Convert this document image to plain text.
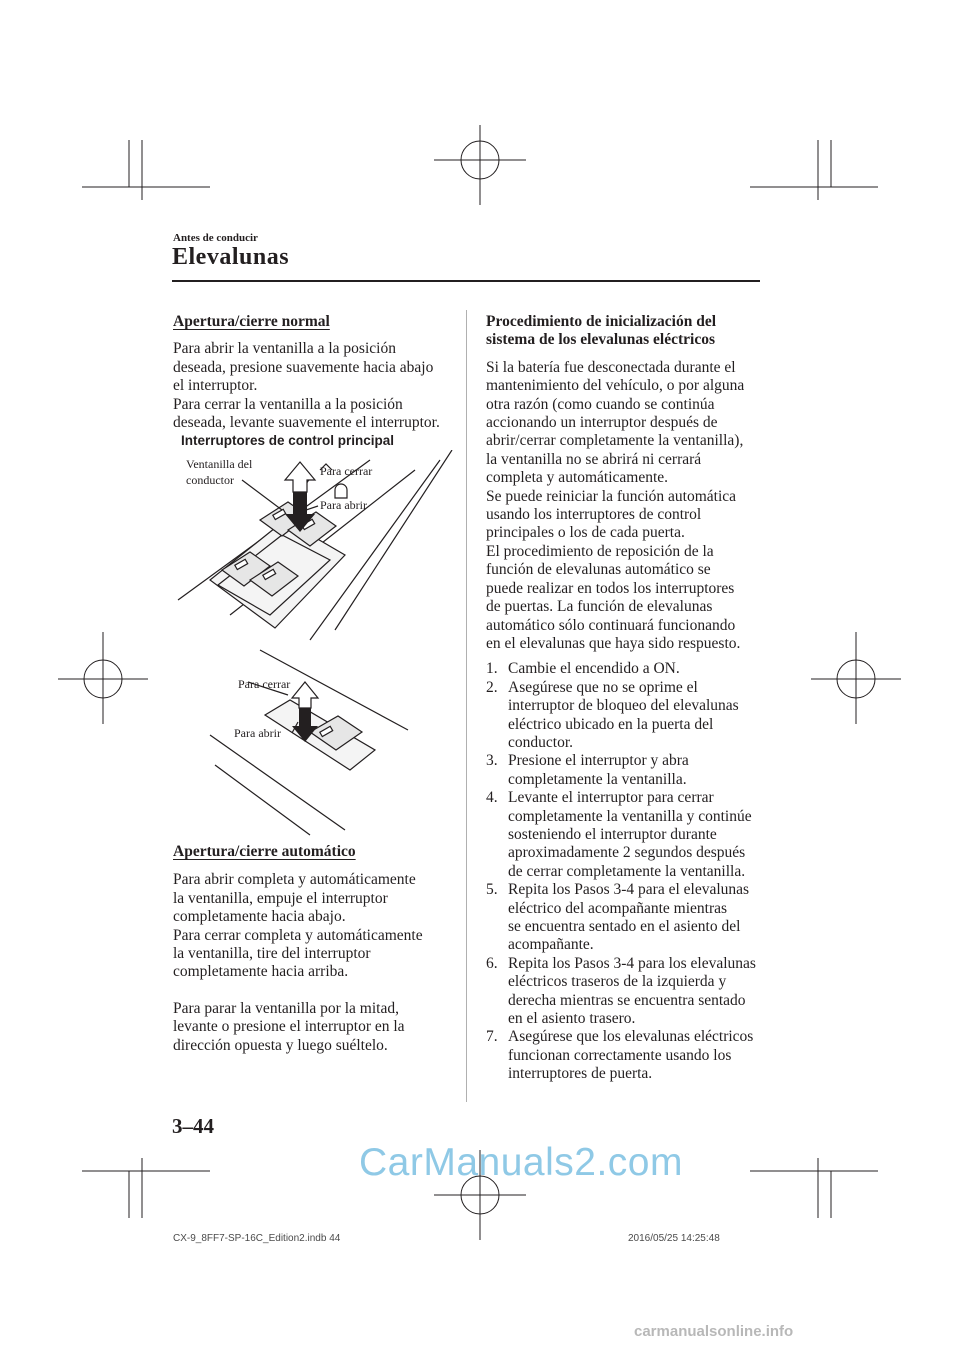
Antes de conducir
Elevalunas

Apertura/cierre normal

Para abrir la ventanilla a la posición

deseada, presione suavemente hacia abajo

el interruptor.

Para cerrar la ventanilla a la posición

deseada, levante suavemente el interruptor.

Interruptores de control principal
Ventanilla del
conductor
Para cerrar
Para abrir
Para cerrar
Para abrir

Apertura/cierre automático

Para abrir completa y automáticamente

la ventanilla, empuje el interruptor

completamente hacia abajo.

Para cerrar completa y automáticamente

la ventanilla, tire del interruptor

completamente hacia arriba.

Para parar la ventanilla por la mitad,

levante o presione el interruptor en la

dirección opuesta y luego suéltelo.

Procedimiento de inicialización del

sistema de los elevalunas eléctricos

Si la batería fue desconectada durante el

mantenimiento del vehículo, o por alguna

otra razón (como cuando se continúa

accionando un interruptor después de

abrir/cerrar completamente la ventanilla),

la ventanilla no se abrirá ni cerrará

completa y automáticamente.

Se puede reiniciar la función automática

usando los interruptores de control

principales o los de cada puerta.

El procedimiento de reposición de la

función de elevalunas automático se

puede realizar en todos los interruptores

de puertas. La función de elevalunas

automático sólo continuará funcionando

en el elevalunas que haya sido respuesto.

1. Cambie el encendido a ON.
2. Asegúrese que no se oprime el
interruptor de bloqueo del elevalunas
eléctrico ubicado en la puerta del
conductor.
3. Presione el interruptor y abra
completamente la ventanilla.
4. Levante el interruptor para cerrar
completamente la ventanilla y continúe
sosteniendo el interruptor durante
aproximadamente 2 segundos después
de cerrar completamente la ventanilla.
5. Repita los Pasos 3-4 para el elevalunas
eléctrico del acompañante mientras
se encuentra sentado en el asiento del
acompañante.
6. Repita los Pasos 3-4 para los elevalunas
eléctricos traseros de la izquierda y
derecha mientras se encuentra sentado
en el asiento trasero.
7. Asegúrese que los elevalunas eléctricos
funcionan correctamente usando los
interruptores de puerta.
3–44
CarManuals2.com
CX-9_8FF7-SP-16C_Edition2.indb 44	2016/05/25 14:25:48
carmanualsonline.info
